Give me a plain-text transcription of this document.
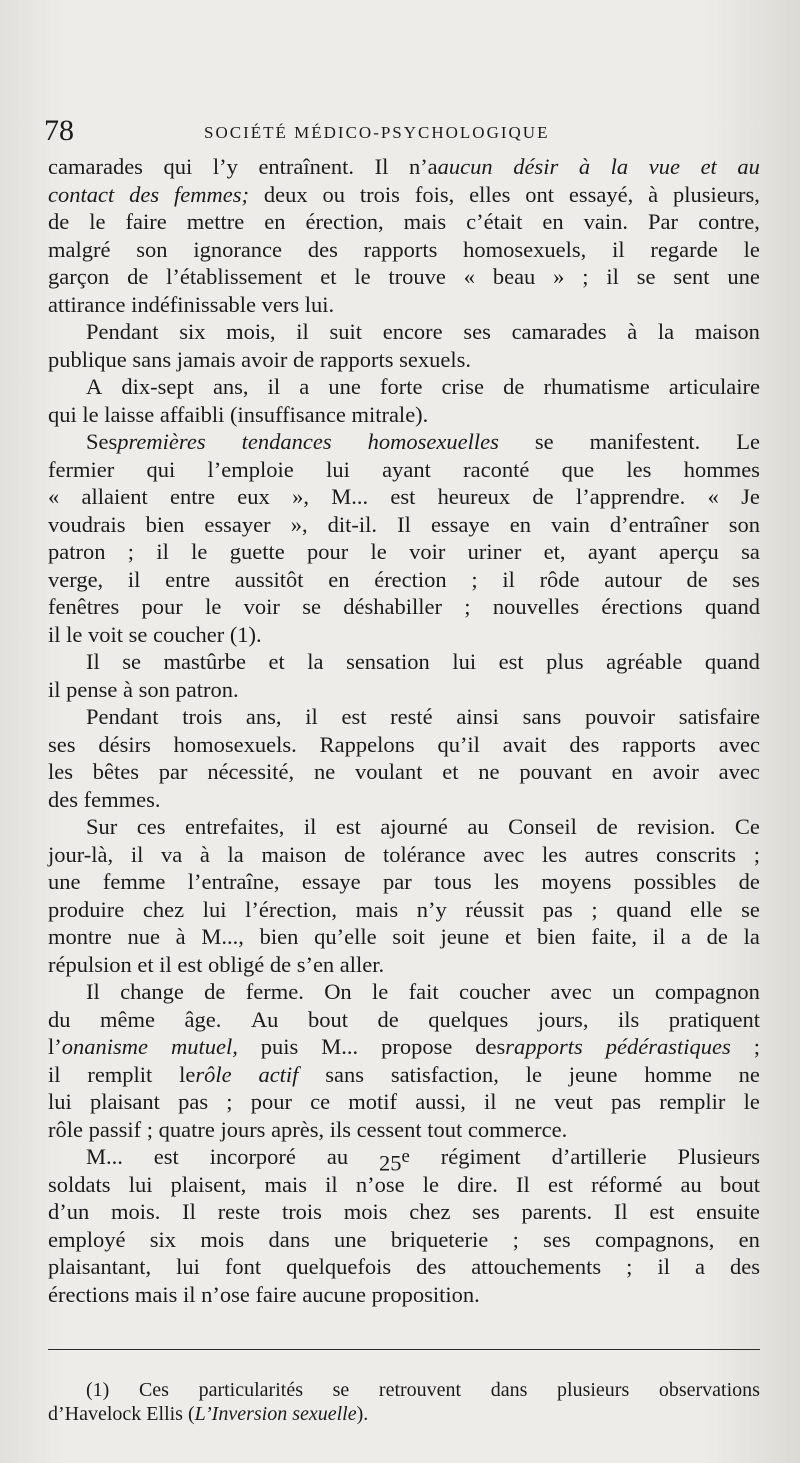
78	SOCIÉTÉ MÉDICO-PSYCHOLOGIQUE
camarades qui l’y entraînent. Il n’aaucun désir à la vue et au
contact des femmes; deux ou trois fois, elles ont essayé, à plusieurs,
de le faire mettre en érection, mais c’était en vain. Par contre,
malgré son ignorance des rapports homosexuels, il regarde le
garçon de l’établissement et le trouve « beau » ; il se sent une
attirance indéfinissable vers lui.
Pendant six mois, il suit encore ses camarades à la maison
publique sans jamais avoir de rapports sexuels.
A dix-sept ans, il a une forte crise de rhumatisme articulaire
qui le laisse affaibli (insuffisance mitrale).
Sespremières tendances homosexuelles se manifestent. Le
fermier qui l’emploie lui ayant raconté que les hommes
« allaient entre eux », M... est heureux de l’apprendre. « Je
voudrais bien essayer », dit-il. Il essaye en vain d’entraîner son
patron ; il le guette pour le voir uriner et, ayant aperçu sa
verge, il entre aussitôt en érection ; il rôde autour de ses
fenêtres pour le voir se déshabiller ; nouvelles érections quand
il le voit se coucher (1).
Il se mastûrbe et la sensation lui est plus agréable quand
il pense à son patron.
Pendant trois ans, il est resté ainsi sans pouvoir satisfaire
ses désirs homosexuels. Rappelons qu’il avait des rapports avec
les bêtes par nécessité, ne voulant et ne pouvant en avoir avec
des femmes.
Sur ces entrefaites, il est ajourné au Conseil de revision. Ce
jour-là, il va à la maison de tolérance avec les autres conscrits ;
une femme l’entraîne, essaye par tous les moyens possibles de
produire chez lui l’érection, mais n’y réussit pas ; quand elle se
montre nue à M..., bien qu’elle soit jeune et bien faite, il a de la
répulsion et il est obligé de s’en aller.
Il change de ferme. On le fait coucher avec un compagnon
du même âge. Au bout de quelques jours, ils pratiquent
l’onanisme mutuel, puis M... propose desrapports pédérastiques ;
il remplit lerôle actif sans satisfaction, le jeune homme ne
lui plaisant pas ; pour ce motif aussi, il ne veut pas remplir le
rôle passif ; quatre jours après, ils cessent tout commerce.
M... est incorporé au 25e régiment d’artillerie Plusieurs
soldats lui plaisent, mais il n’ose le dire. Il est réformé au bout
d’un mois. Il reste trois mois chez ses parents. Il est ensuite
employé six mois dans une briqueterie ; ses compagnons, en
plaisantant, lui font quelquefois des attouchements ; il a des
érections mais il n’ose faire aucune proposition.
(1) Ces particularités se retrouvent dans plusieurs observations
d’Havelock Ellis ( L’Inversion sexuelle ).
